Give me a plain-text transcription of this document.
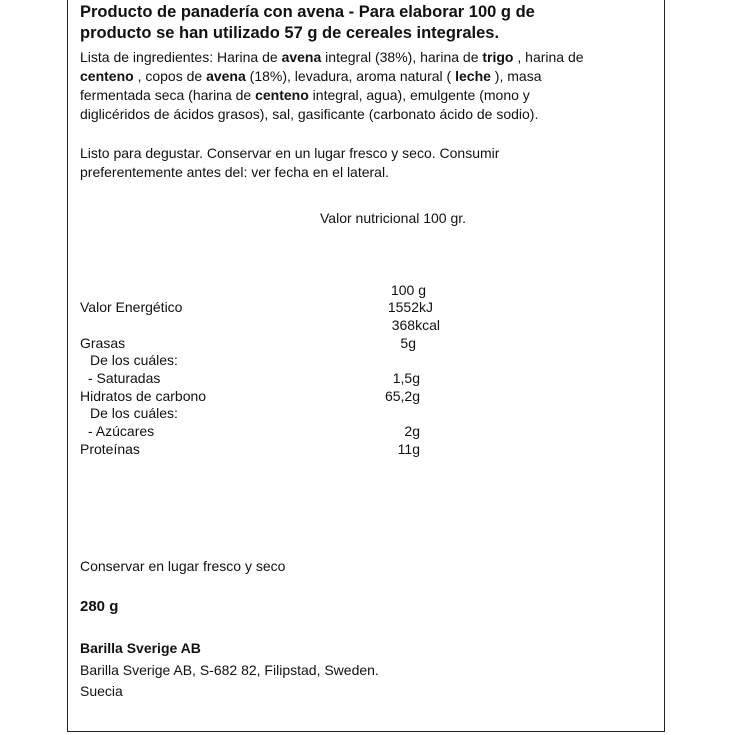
Producto de panadería con avena - Para elaborar 100 g de
producto se han utilizado 57 g de cereales integrales.
Lista de ingredientes: Harina de avena integral (38%), harina de trigo , harina de
centeno , copos de avena (18%), levadura, aroma natural ( leche ), masa
fermentada seca (harina de centeno integral, agua), emulgente (mono y
diglicéridos de ácidos grasos), sal, gasificante (carbonato ácido de sodio).
Listo para degustar. Conservar en un lugar fresco y seco. Consumir
preferentemente antes del: ver fecha en el lateral.
Valor nutricional 100 gr.
100 g
Valor Energético	1552kJ
368kcal
Grasas	5g
De los cuáles:
- Saturadas	1,5g
Hidratos de carbono	65,2g
De los cuáles:
- Azúcares	2g
Proteínas	11g
Conservar en lugar fresco y seco
280 g
Barilla Sverige AB
Barilla Sverige AB, S-682 82, Filipstad, Sweden.
Suecia
